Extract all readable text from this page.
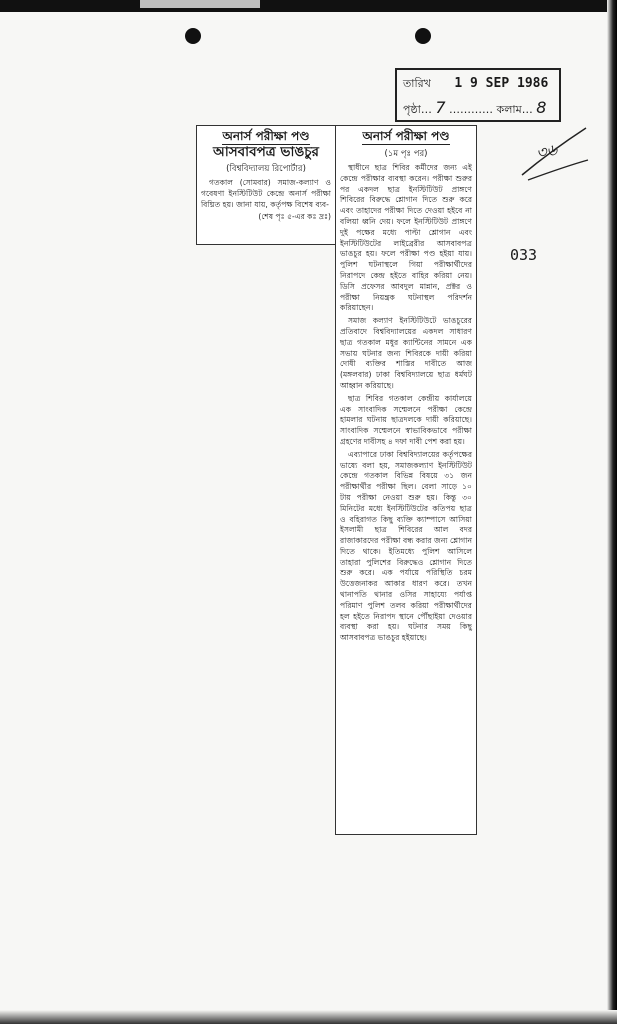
তারিখ 1 9 SEP 1986
পৃষ্ঠা… 7 ………… কলাম… 8
৩৬
033
অনার্স পরীক্ষা পণ্ড
আসবাবপত্র ভাঙচুর
(বিশ্ববিদ্যালয় রিপোর্টার)

গতকাল (সোমবার) সমাজ-কল্যাণ ও গবেষণা ইনস্টিটিউট কেন্দ্রে অনার্স পরীক্ষা বিঘ্নিত হয়। জানা যায়, কর্তৃপক্ষ বিশেষ ব্যব-

(শেষ পৃঃ ৫-এর কঃ দ্রঃ)
অনার্স পরীক্ষা পণ্ড
(১ম পৃঃ পর)

স্থাধীনে ছাত্র শিবির কর্মীদের জন্য এই কেন্দ্রে পরীক্ষার ব্যবস্থা করেন। পরীক্ষা শুরুর পর একদল ছাত্র ইনস্টিটিউট প্রাঙ্গণে শিবিরের বিরুদ্ধে শ্লোগান দিতে শুরু করে এবং তাহাদের পরীক্ষা দিতে দেওয়া হইবে না বলিয়া ধ্বনি দেয়। ফলে ইনস্টিটিউট প্রাঙ্গণে দুই পক্ষের মধ্যে পাল্টা শ্লোগান এবং ইনস্টিটিউটের লাইব্রেরীর আসবাবপত্র ভাঙচুর হয়। ফলে পরীক্ষা পণ্ড হইয়া যায়। পুলিশ ঘটনাস্থলে গিয়া পরীক্ষার্থীদের নিরাপদে কেন্দ্র হইতে বাহির করিয়া নেয়। ডিসি প্রফেসর আবদুল মান্নান, প্রক্টর ও পরীক্ষা নিয়ন্ত্রক ঘটনাস্থল পরিদর্শন করিয়াছেন।

সমাজ কল্যাণ ইনস্টিটিউটে ভাঙচুরের প্রতিবাদে বিশ্ববিদ্যালয়ের একদল সাধারণ ছাত্র গতকাল মধুর ক্যান্টিনের সামনে এক সভায় ঘটনার জন্য শিবিরকে দায়ী করিয়া দোষী ব্যক্তির শাস্তির দাবীতে আজ (মঙ্গলবার) ঢাকা বিশ্ববিদ্যালয়ে ছাত্র ধর্মঘট আহ্বান করিয়াছে।

ছাত্র শিবির গতকাল কেন্দ্রীয় কার্যালয়ে এক সাংবাদিক সম্মেলনে পরীক্ষা কেন্দ্রে হামলার ঘটনায় ছাত্রদলকে দায়ী করিয়াছে। সাংবাদিক সম্মেলনে স্বাভাবিকভাবে পরীক্ষা গ্রহণের দাবীসহ ৪ দফা দাবী পেশ করা হয়।

এব্যাপারে ঢাকা বিশ্ববিদ্যালয়ের কর্তৃপক্ষের ভাষ্যে বলা হয়, সমাজকল্যাণ ইনস্টিটিউট কেন্দ্রে গতকাল বিভিন্ন বিষয়ে ৩১ জন পরীক্ষার্থীর পরীক্ষা ছিল। বেলা সাড়ে ১০ টায় পরীক্ষা নেওয়া শুরু হয়। কিন্তু ৩০ মিনিটের মধ্যে ইনস্টিটিউটের কতিপয় ছাত্র ও বহিরাগত কিছু ব্যক্তি ক্যাম্পাসে আসিয়া ইসলামী ছাত্র শিবিরের আল বদর রাজাকারদের পরীক্ষা বন্ধ করার জন্য শ্লোগান দিতে থাকে। ইতিমধ্যে পুলিশ আসিলে তাহারা পুলিশের বিরুদ্ধেও শ্লোগান দিতে শুরু করে। এক পর্যায়ে পরিস্থিতি চরম উত্তেজনাকর আকার ধারণ করে। তখন থানাপতি থানার ওসির সাহায্যে পর্যাপ্ত পরিমাণ পুলিশ তলব করিয়া পরীক্ষার্থীদের হল হইতে নিরাপদ স্থানে পৌঁছাইয়া দেওয়ার ব্যবস্থা করা হয়। ঘটনার সময় কিছু আসবাবপত্র ভাঙচুর হইয়াছে।
